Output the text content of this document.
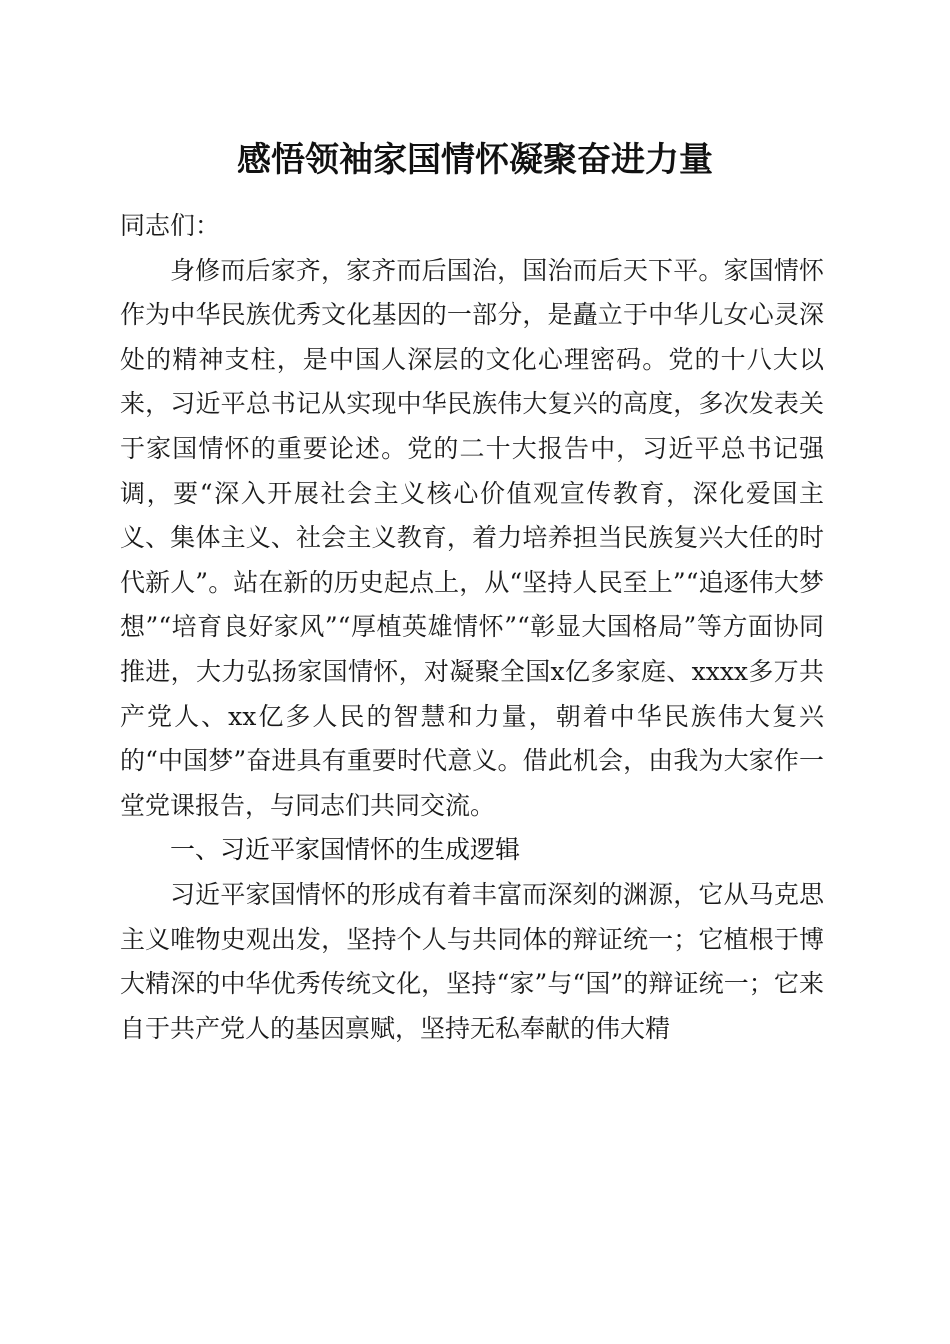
感悟领袖家国情怀凝聚奋进力量

同志们：

身修而后家齐，家齐而后国治，国治而后天下平。家国情怀作为中华民族优秀文化基因的一部分，是矗立于中华儿女心灵深处的精神支柱，是中国人深层的文化心理密码。党的十八大以来，习近平总书记从实现中华民族伟大复兴的高度，多次发表关于家国情怀的重要论述。党的二十大报告中，习近平总书记强调，要“深入开展社会主义核心价值观宣传教育，深化爱国主义、集体主义、社会主义教育，着力培养担当民族复兴大任的时代新人”。站在新的历史起点上，从“坚持人民至上”“追逐伟大梦想”“培育良好家风”“厚植英雄情怀”“彰显大国格局”等方面协同推进，大力弘扬家国情怀，对凝聚全国x亿多家庭、xxxx多万共产党人、xx亿多人民的智慧和力量，朝着中华民族伟大复兴的“中国梦”奋进具有重要时代意义。借此机会，由我为大家作一堂党课报告，与同志们共同交流。

一、习近平家国情怀的生成逻辑

习近平家国情怀的形成有着丰富而深刻的渊源，它从马克思主义唯物史观出发，坚持个人与共同体的辩证统一；它植根于博大精深的中华优秀传统文化，坚持“家”与“国”的辩证统一；它来自于共产党人的基因禀赋，坚持无私奉献的伟大精
